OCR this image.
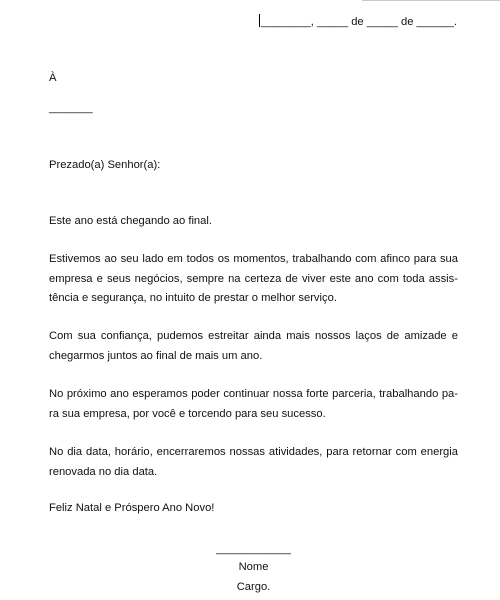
________, _____ de _____ de ______.
À
_______
Prezado(a) Senhor(a):

Este ano está chegando ao final.

Estivemos ao seu lado em todos os momentos, trabalhando com afinco para sua empresa e seus negócios, sempre na certeza de viver este ano com toda assis-tência e segurança, no intuito de prestar o melhor serviço.

Com sua confiança, pudemos estreitar ainda mais nossos laços de amizade e chegarmos juntos ao final de mais um ano.

No próximo ano esperamos poder continuar nossa forte parceria, trabalhando pa-ra sua empresa, por você e torcendo para seu sucesso.

No dia data, horário, encerraremos nossas atividades, para retornar com energia renovada no dia data.

Feliz Natal e Próspero Ano Novo!
____________
Nome
Cargo.
